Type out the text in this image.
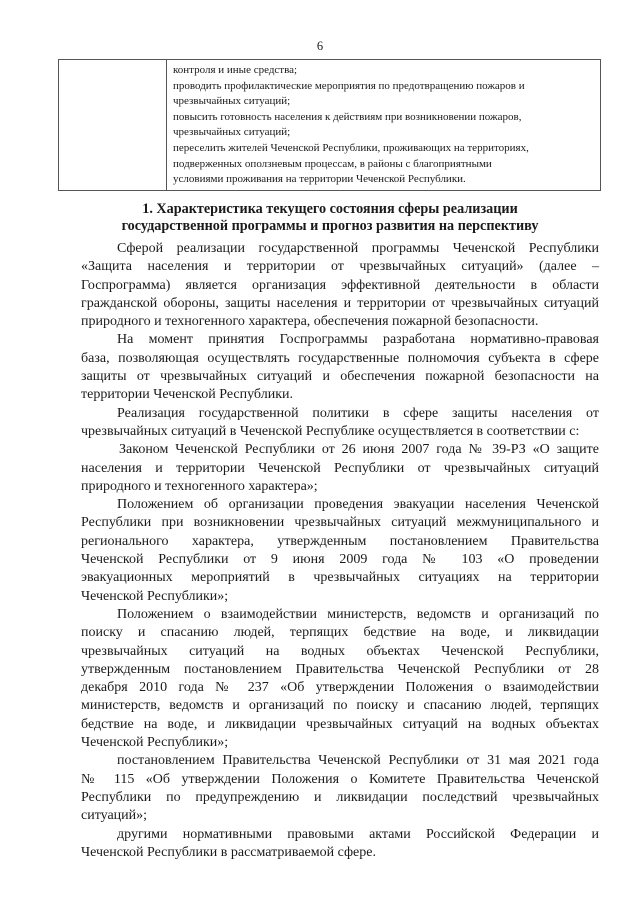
6

контроля и иные средства;
проводить профилактические мероприятия по предотвращению пожаров и
чрезвычайных ситуаций;
повысить готовность населения к действиям при возникновении пожаров,
чрезвычайных ситуаций;
переселить жителей Чеченской Республики, проживающих на территориях,
подверженных оползневым процессам, в районы с благоприятными
условиями проживания на территории Чеченской Республики.
1. Характеристика текущего состояния сферы реализации
государственной программы и прогноз развития на перспективу
Сферой реализации государственной программы Чеченской Республики
«Защита населения и территории от чрезвычайных ситуаций» (далее –
Госпрограмма) является организация эффективной деятельности в области
гражданской обороны, защиты населения и территории от чрезвычайных ситуаций
природного и техногенного характера, обеспечения пожарной безопасности.
На момент принятия Госпрограммы разработана нормативно-правовая
база, позволяющая осуществлять государственные полномочия субъекта в сфере
защиты от чрезвычайных ситуаций и обеспечения пожарной безопасности на
территории Чеченской Республики.
Реализация государственной политики в сфере защиты населения от
чрезвычайных ситуаций в Чеченской Республике осуществляется в соответствии с:
Законом Чеченской Республики от 26 июня 2007 года № 39-РЗ «О защите
населения и территории Чеченской Республики от чрезвычайных ситуаций
природного и техногенного характера»;
Положением об организации проведения эвакуации населения Чеченской
Республики при возникновении чрезвычайных ситуаций межмуниципального и
регионального характера, утвержденным постановлением Правительства
Чеченской Республики от 9 июня 2009 года № 103 «О проведении
эвакуационных мероприятий в чрезвычайных ситуациях на территории
Чеченской Республики»;
Положением о взаимодействии министерств, ведомств и организаций по
поиску и спасанию людей, терпящих бедствие на воде, и ликвидации
чрезвычайных ситуаций на водных объектах Чеченской Республики,
утвержденным постановлением Правительства Чеченской Республики от 28
декабря 2010 года № 237 «Об утверждении Положения о взаимодействии
министерств, ведомств и организаций по поиску и спасанию людей, терпящих
бедствие на воде, и ликвидации чрезвычайных ситуаций на водных объектах
Чеченской Республики»;
постановлением Правительства Чеченской Республики от 31 мая 2021 года
№ 115 «Об утверждении Положения о Комитете Правительства Чеченской
Республики по предупреждению и ликвидации последствий чрезвычайных
ситуаций»;
другими нормативными правовыми актами Российской Федерации и
Чеченской Республики в рассматриваемой сфере.
